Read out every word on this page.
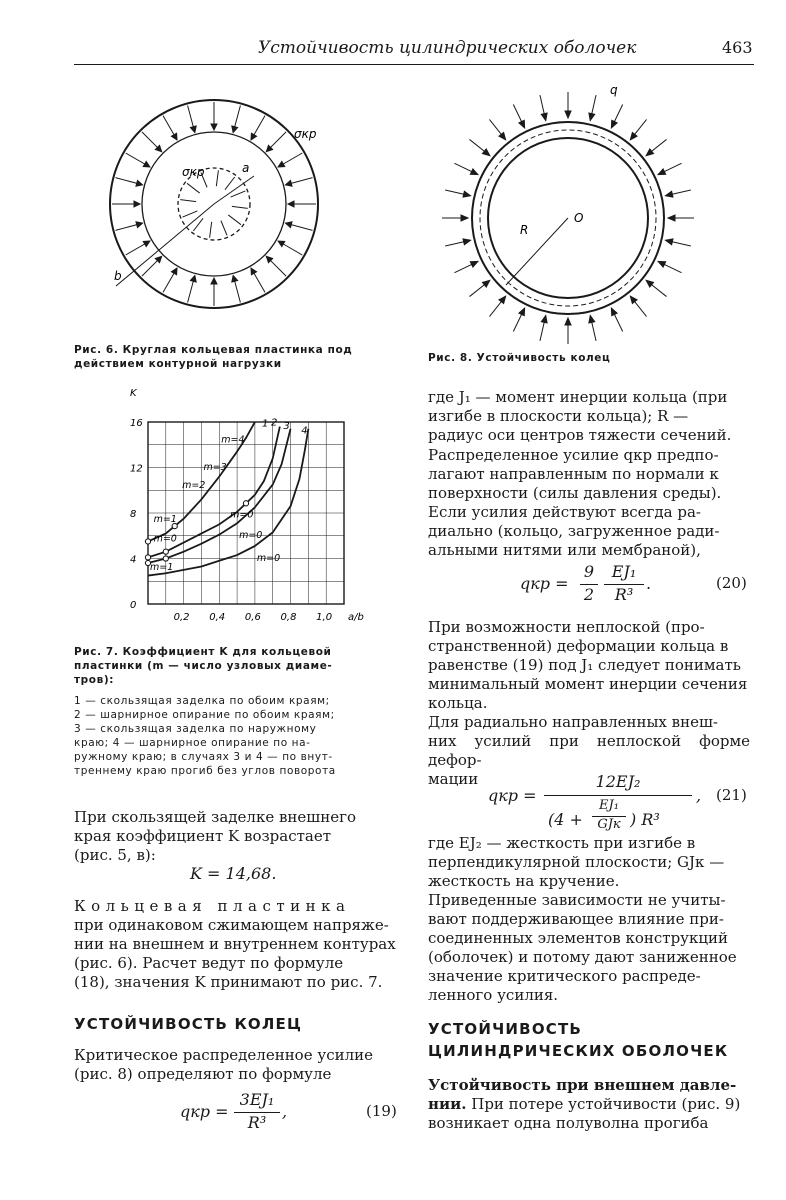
Устойчивость цилиндрических оболочек	463
σкр
σкр	a
b
Рис. 6. Круглая кольцевая пластинка под
действием контурной нагрузки
q
R
O
Рис. 8. Устойчивость колец
0
4
8
12
16
0,2 0,4 0,6 0,8 1,0 a/b
K
m=1
m=0
m=1
m=0
m=0
m=0
m=2
m=3
m=4
1 2 3 4
Рис. 7. Коэффициент K для кольцевой
пластинки (m — число узловых диаме-
тров):
1 — скользящая заделка по обоим краям;
2 — шарнирное опирание по обоим краям;
3 — скользящая заделка по наружному
краю; 4 — шарнирное опирание по на-
ружному краю; в случаях 3 и 4 — по внут-
треннему краю прогиб без углов поворота
При скользящей заделке внешнего
края коэффициент K возрастает
(рис. 5, в):
K = 14,68.
Кольцевая пластинка
при одинаковом сжимающем напряже-
нии на внешнем и внутреннем контурах
(рис. 6). Расчет ведут по формуле
(18), значения K принимают по рис. 7.
УСТОЙЧИВОСТЬ КОЛЕЦ
Критическое распределенное усилие
(рис. 8) определяют по формуле
qкр =
3EJ₁
R³
,	(19)
где J₁ — момент инерции кольца (при
изгибе в плоскости кольца); R —
радиус оси центров тяжести сечений.
Распределенное усилие qкр предпо-
лагают направленным по нормали к
поверхности (силы давления среды).
Если усилия действуют всегда ра-
диально (кольцо, загруженное ради-
альными нитями или мембраной),
qкр =
9
2
EJ₁
R³
.	(20)
При возможности неплоской (про-
странственной) деформации кольца в
равенстве (19) под J₁ следует понимать
минимальный момент инерции сечения
кольца.
Для радиально направленных внеш-
них усилий при неплоской форме дефор-
мации
qкр =
12EJ₂
(4 +
EJ₁
GJк ) R³
, (21)
где EJ₂ — жесткость при изгибе в
перпендикулярной плоскости; GJк —
жесткость на кручение.
Приведенные зависимости не учиты-
вают поддерживающее влияние при-
соединенных элементов конструкций
(оболочек) и потому дают заниженное
значение критического распреде-
ленного усилия.
УСТОЙЧИВОСТЬ
ЦИЛИНДРИЧЕСКИХ ОБОЛОЧЕК
Устойчивость при внешнем давле-
нии. При потере устойчивости (рис. 9)
возникает одна полуволна прогиба
